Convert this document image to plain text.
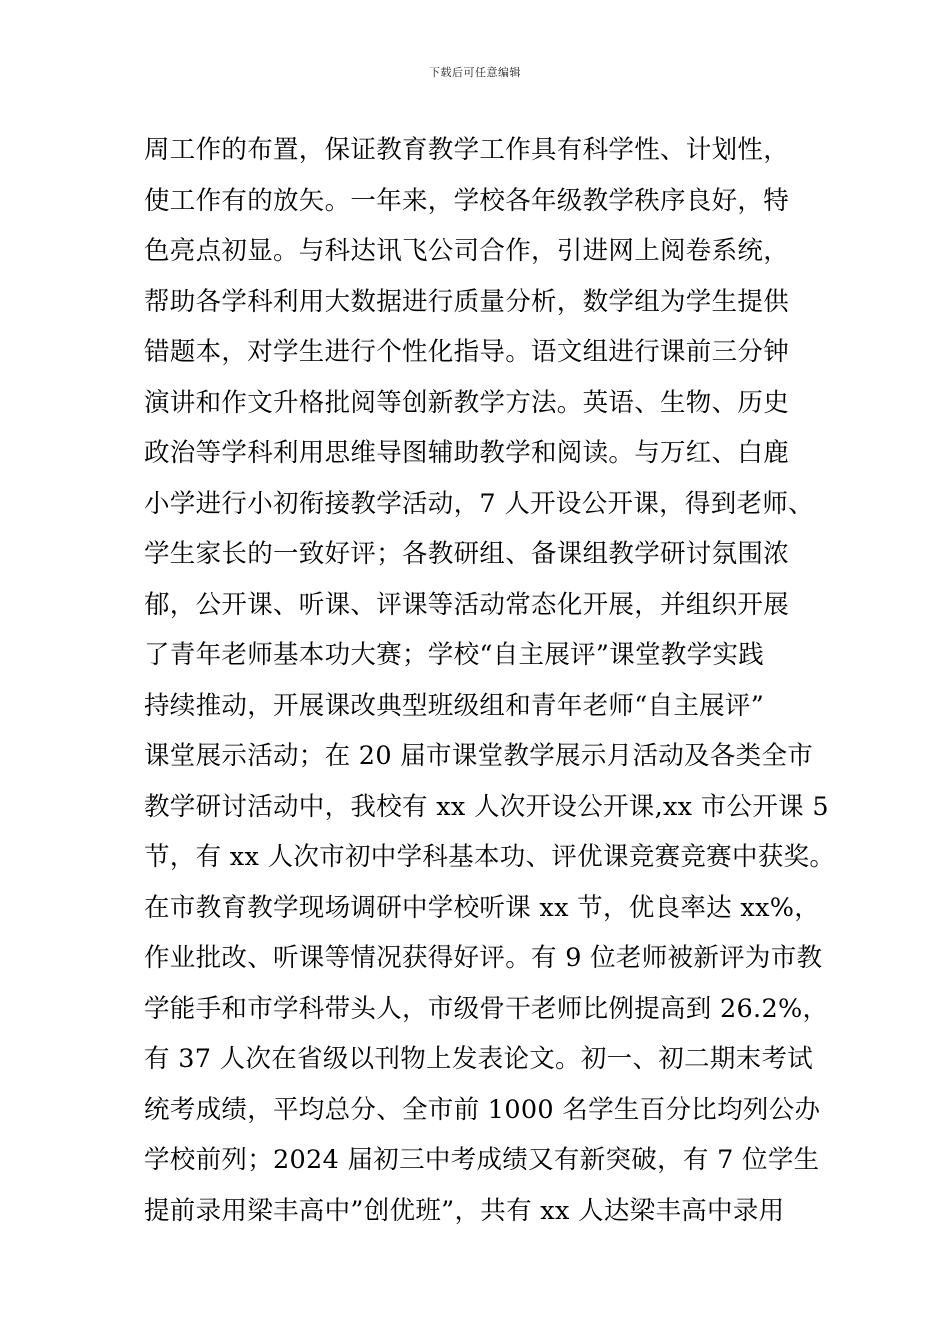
下载后可任意编辑
周工作的布置，保证教育教学工作具有科学性、计划性，
使工作有的放矢。一年来，学校各年级教学秩序良好，特
色亮点初显。与科达讯飞公司合作，引进网上阅卷系统，
帮助各学科利用大数据进行质量分析，数学组为学生提供
错题本，对学生进行个性化指导。语文组进行课前三分钟
演讲和作文升格批阅等创新教学方法。英语、生物、历史
政治等学科利用思维导图辅助教学和阅读。与万红、白鹿
小学进行小初衔接教学活动，7 人开设公开课，得到老师、
学生家长的一致好评；各教研组、备课组教学研讨氛围浓
郁，公开课、听课、评课等活动常态化开展，并组织开展
了青年老师基本功大赛；学校“自主展评”课堂教学实践
持续推动，开展课改典型班级组和青年老师“自主展评”
课堂展示活动；在 20 届市课堂教学展示月活动及各类全市
教学研讨活动中，我校有 xx 人次开设公开课,xx 市公开课 5
节，有 xx 人次市初中学科基本功、评优课竞赛竞赛中获奖。
在市教育教学现场调研中学校听课 xx 节，优良率达 xx%，
作业批改、听课等情况获得好评。有 9 位老师被新评为市教
学能手和市学科带头人，市级骨干老师比例提高到 26.2%，
有 37 人次在省级以刊物上发表论文。初一、初二期末考试
统考成绩，平均总分、全市前 1000 名学生百分比均列公办
学校前列；2024 届初三中考成绩又有新突破，有 7 位学生
提前录用梁丰高中”创优班”，共有 xx 人达梁丰高中录用
